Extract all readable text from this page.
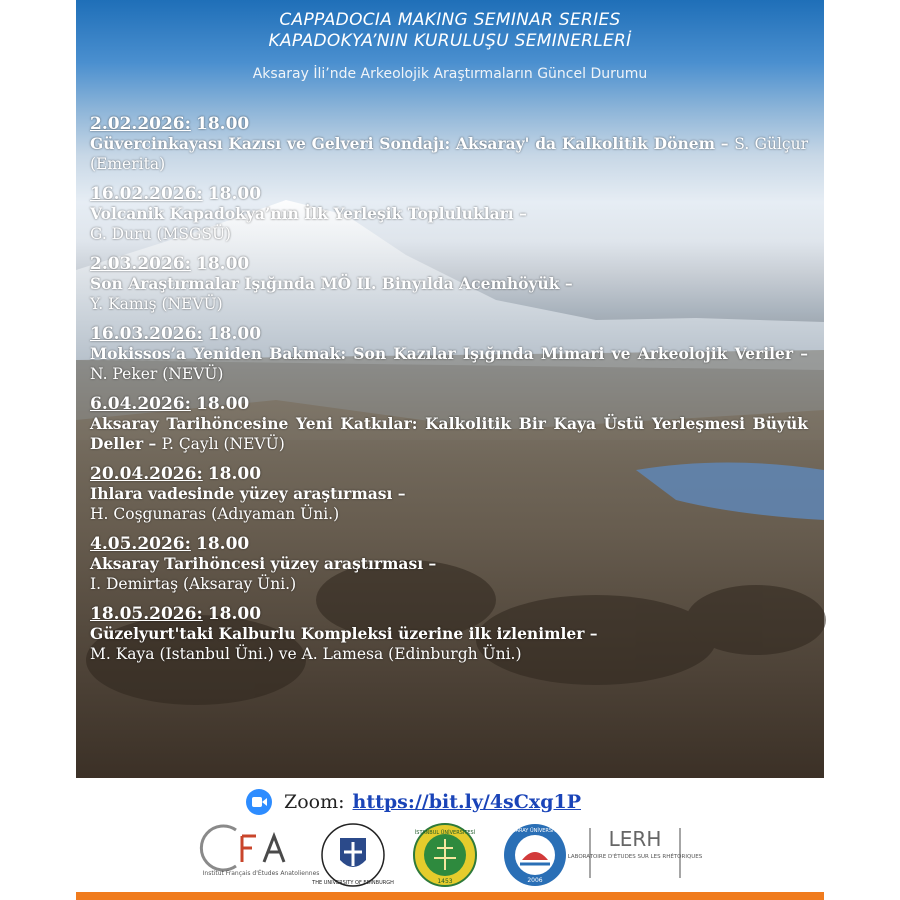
CAPPADOCIA MAKING SEMINAR SERIES
KAPADOKYA’NIN KURULUŞU SEMINERLERİ
Aksaray İli’nde Arkeolojik Araştırmaların Güncel Durumu
2.02.2026: 18.00
Güvercinkayası Kazısı ve Gelveri Sondajı: Aksaray' da Kalkolitik Dönem – S. Gülçur (Emerita)
16.02.2026: 18.00
Volcanik Kapadokya’nın İlk Yerleşik Toplulukları –
G. Duru (MSGSÜ)
2.03.2026: 18.00
Son Araştırmalar Işığında MÖ II. Binyılda Acemhöyük –
Y. Kamış (NEVÜ)
16.03.2026: 18.00
Mokissos’a Yeniden Bakmak: Son Kazılar Işığında Mimari ve Arkeolojik Veriler – N. Peker (NEVÜ)
6.04.2026: 18.00
Aksaray Tarihöncesine Yeni Katkılar: Kalkolitik Bir Kaya Üstü Yerleşmesi Büyük Deller – P. Çaylı (NEVÜ)
20.04.2026: 18.00
Ihlara vadesinde yüzey araştırması –
H. Coşgunaras (Adıyaman Üni.)
4.05.2026: 18.00
Aksaray Tarihöncesi yüzey araştırması –
I. Demirtaş (Aksaray Üni.)
18.05.2026: 18.00
Güzelyurt'taki Kalburlu Kompleksi üzerine ilk izlenimler –
M. Kaya (Istanbul Üni.) ve A. Lamesa (Edinburgh Üni.)
Zoom: https://bit.ly/4sCxg1P
Institut Français d'Études Anatoliennes
THE UNIVERSITY OF EDINBURGH
İSTANBUL ÜNİVERSİTESİ
1453
AKSARAY ÜNİVERSİTESİ
2006
LERH
LABORATOIRE D'ÉTUDES SUR LES RHÉTORIQUES
